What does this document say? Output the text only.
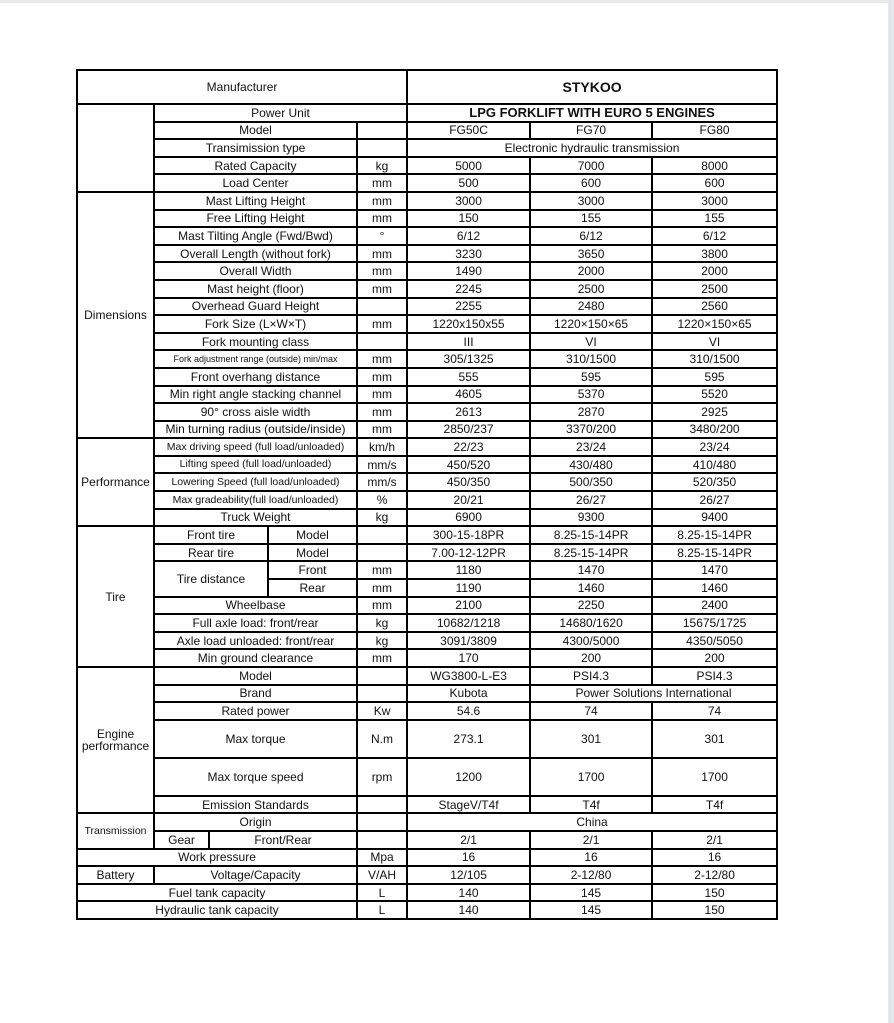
Manufacturer					STYKOO		
	Power Unit				LPG FORKLIFT WITH EURO 5 ENGINES		
	Model				FG50C	FG70	FG80
	Transimission type				Electronic hydraulic transmission		
	Rated Capacity			kg	5000	7000	8000
	Load Center			mm	500	600	600
Dimensions	Mast Lifting Height			mm	3000	3000	3000
	Free Lifting Height			mm	150	155	155
	Mast Tilting Angle (Fwd/Bwd)			°	6/12	6/12	6/12
	Overall Length (without fork)			mm	3230	3650	3800
	Overall Width			mm	1490	2000	2000
	Mast height (floor)			mm	2245	2500	2500
	Overhead Guard Height				2255	2480	2560
	Fork Size (L×W×T)			mm	1220x150x55	1220×150×65	1220×150×65
	Fork mounting class				III	VI	VI
	Fork adjustment range (outside) min/max			mm	305/1325	310/1500	310/1500
	Front overhang distance			mm	555	595	595
	Min right angle stacking channel			mm	4605	5370	5520
	90° cross aisle width			mm	2613	2870	2925
	Min turning radius (outside/inside)			mm	2850/237	3370/200	3480/200
Performance	Max driving speed (full load/unloaded)			km/h	22/23	23/24	23/24
	Lifting speed (full load/unloaded)			mm/s	450/520	430/480	410/480
	Lowering Speed (full load/unloaded)			mm/s	450/350	500/350	520/350
	Max gradeability(full load/unloaded)			%	20/21	26/27	26/27
	Truck Weight			kg	6900	9300	9400
Tire	Front tire		Model		300-15-18PR	8.25-15-14PR	8.25-15-14PR
	Rear tire		Model		7.00-12-12PR	8.25-15-14PR	8.25-15-14PR
	Tire distance		Front	mm	1180	1470	1470
			Rear	mm	1190	1460	1460
	Wheelbase			mm	2100	2250	2400
	Full axle load: front/rear			kg	10682/1218	14680/1620	15675/1725
	Axle load unloaded: front/rear			kg	3091/3809	4300/5000	4350/5050
	Min ground clearance			mm	170	200	200
Engine performance	Model				WG3800-L-E3	PSI4.3	PSI4.3
	Brand				Kubota	Power Solutions International	
	Rated power			Kw	54.6	74	74
	Max torque			N.m	273.1	301	301
	Max torque speed			rpm	1200	1700	1700
	Emission Standards				StageV/T4f	T4f	T4f
Transmission	Origin				China		
	Gear	Front/Rear			2/1	2/1	2/1
Work pressure				Mpa	16	16	16
Battery	Voltage/Capacity			V/AH	12/105	2-12/80	2-12/80
Fuel tank capacity				L	140	145	150
Hydraulic tank capacity				L	140	145	150
